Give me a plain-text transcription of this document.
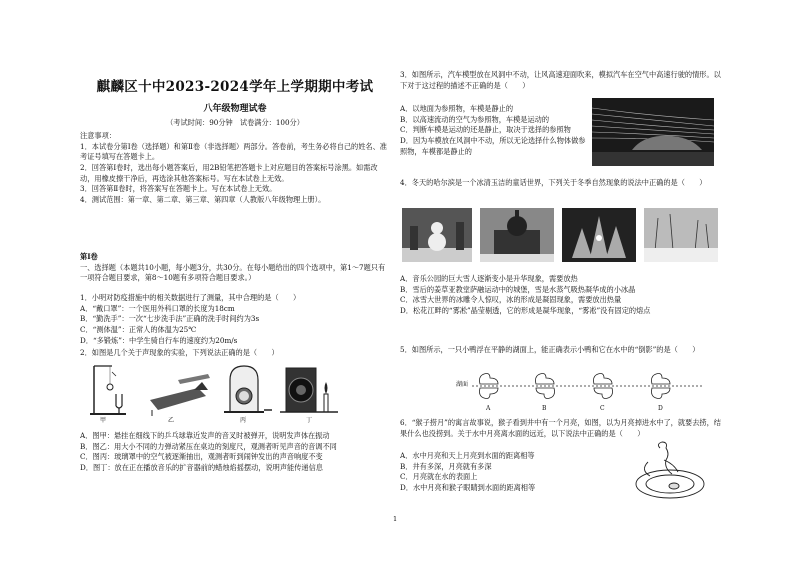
麒麟区十中2023-2024学年上学期期中考试
八年级物理试卷
（考试时间：90分钟　试卷满分：100分）
注意事项：
1．本试卷分第Ⅰ卷（选择题）和第Ⅱ卷（非选择题）两部分。答卷前，考生务必将自己的姓名、准考证号填写在答题卡上。
2．回答第Ⅰ卷时，选出每小题答案后，用2B铅笔把答题卡上对应题目的答案标号涂黑。如需改动，用橡皮擦干净后，再选涂其他答案标号。写在本试卷上无效。
3．回答第Ⅱ卷时，将答案写在答题卡上。写在本试卷上无效。
4．测试范围：第一章、第二章、第三章、第四章（人教版八年级物理上册）。
第Ⅰ卷
一、选择题（本题共10小题，每小题3分，共30分。在每小题给出的四个选项中，第1～7题只有一项符合题目要求，第8～10题有多项符合题目要求。）
1．小明对防疫措施中的相关数据进行了测量，其中合理的是（　　）
A．“戴口罩”：一个医用外科口罩的长度为18cm
B．“勤洗手”：一次“七步洗手法”正确的洗手时间约为3s
C．“测体温”：正常人的体温为25℃
D．“多锻炼”：中学生骑自行车的速度约为20m/s
2．如图是几个关于声现象的实验，下列说法正确的是（　　）
甲	乙	丙	丁
A．图甲：悬挂在细线下的乒乓球靠近发声的音叉时被弹开，说明发声体在振动
B．图乙：用大小不同的力弹动紧压在桌边的刻度尺，观测者听见声音的音调不同
C．图丙：玻璃罩中的空气被逐渐抽出，观测者听到闹钟发出的声音响度不变
D．图丁：放在正在播放音乐的扩音器前的蜡烛焰摇摆动，说明声能传递信息
3．如图所示，汽车模型放在风洞中不动，让风高速迎面吹来，模拟汽车在空气中高速行驶的情形。以下对于这过程的描述不正确的是（　　）
A．以地面为参照物，车模是静止的
B．以高速流动的空气为参照物，车模是运动的
C．判断车模是运动的还是静止，取决于选择的参照物
D．因为车模放在风洞中不动，所以无论选择什么物体做参照物，车模都是静止的
4．冬天的哈尔滨是一个冰清玉洁的童话世界，下列关于冬季自然现象的说法中正确的是（　　）
A．音乐公园的巨大雪人逐渐变小是升华现象，需要放热
B．雪后的姜草亚教堂萨融运动中的城堡，雪是水蒸气吸热凝华成的小冰晶
C．冰雪大世界的冰雕令人惊叹，冰的形成是凝固现象，需要放出热量
D．松花江畔的“雾凇”晶莹剔透，它的形成是凝华现象，“雾凇”没有固定的熔点
5．如图所示，一只小鸭浮在平静的湖面上，能正确表示小鸭和它在水中的“倒影”的是（　　）
湖面
A	B	C	D
6．“猴子捞月”的寓言故事说，猴子看到井中有一个月亮，如图，以为月亮掉进水中了，就要去捞，结果什么也没捞到。关于水中月亮离水面的远近，以下说法中正确的是（　　）
A．水中月亮和天上月亮到水面的距离相等
B．井有多深，月亮就有多深
C．月亮就在水的表面上
D．水中月亮和猴子眼睛到水面的距离相等
1
